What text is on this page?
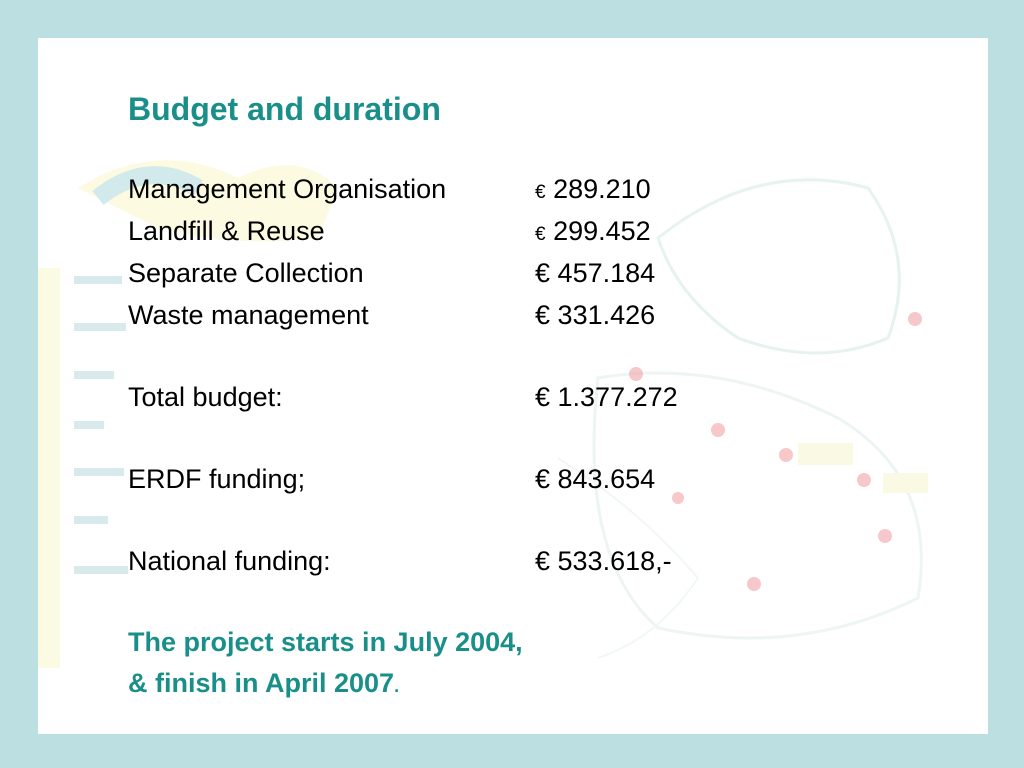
Budget and duration
Management Organisation	€ 289.210
Landfill & Reuse	€ 299.452
Separate Collection	€ 457.184
Waste management	€ 331.426
Total budget:	€ 1.377.272
ERDF funding;	€ 843.654
National funding:	€ 533.618,-
The project starts in July 2004,
& finish in April 2007.
